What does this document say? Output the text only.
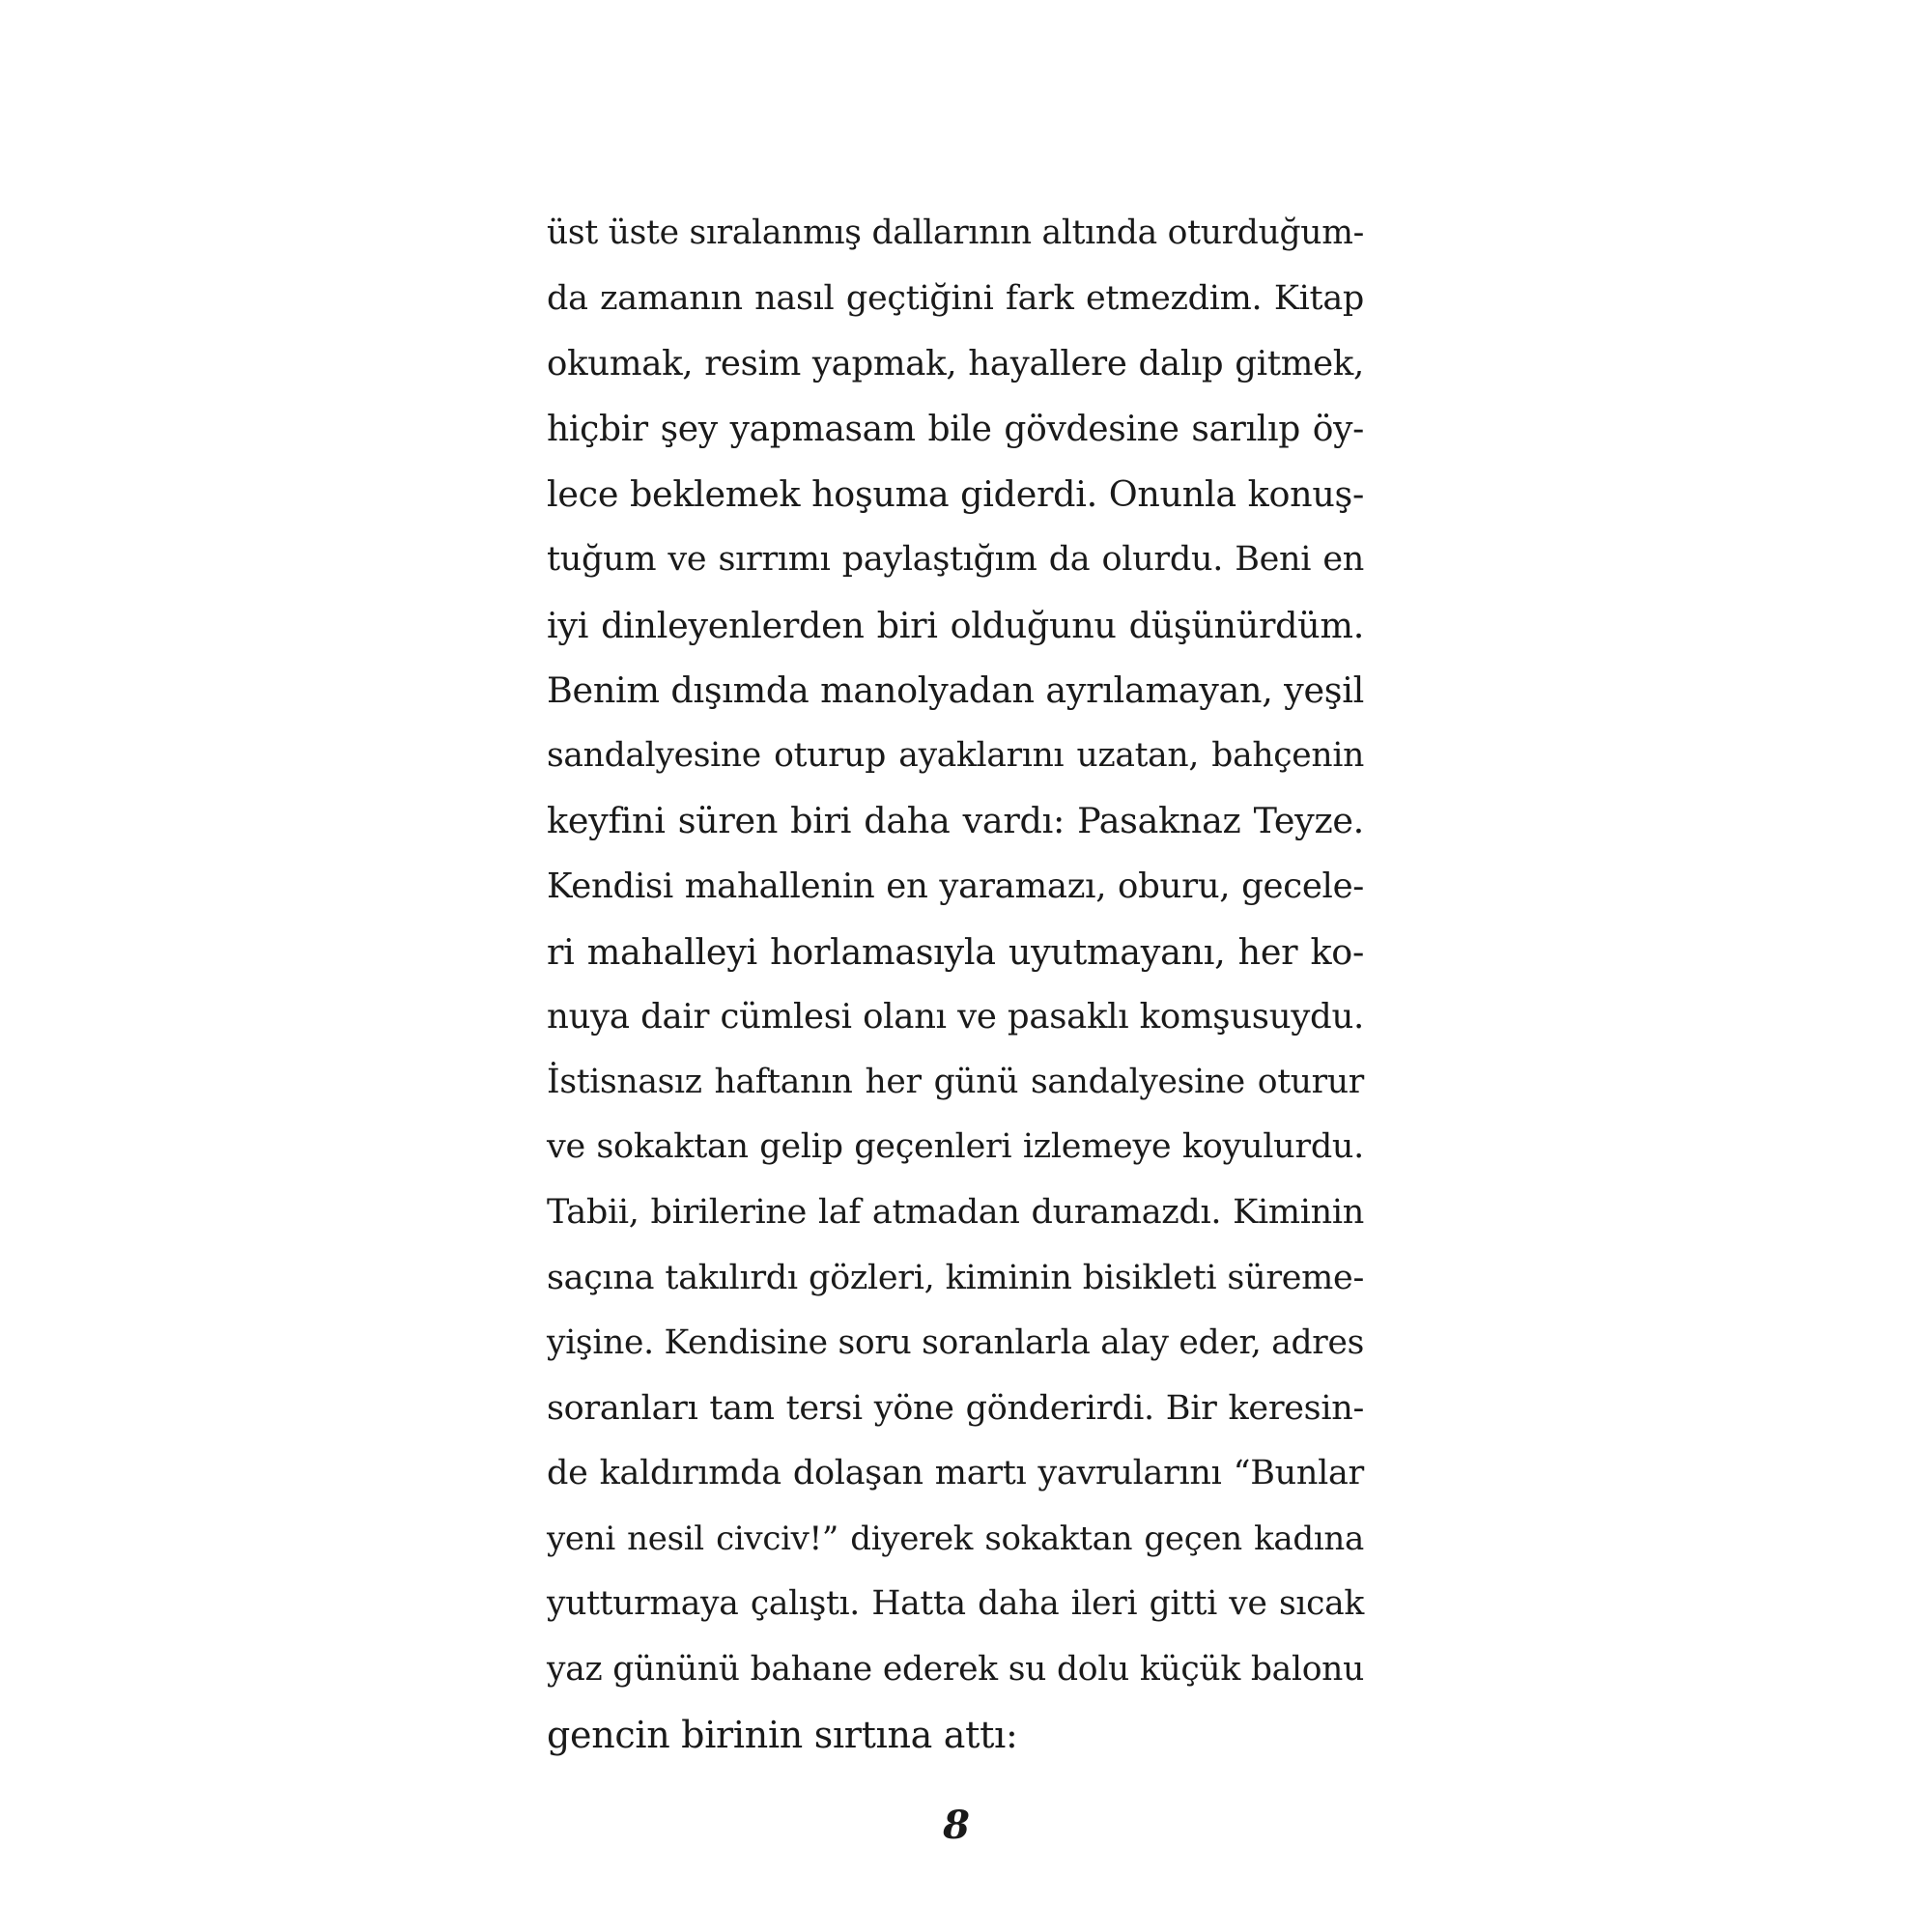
üst üste sıralanmış dallarının altında oturduğum-
da zamanın nasıl geçtiğini fark etmezdim. Kitap
okumak, resim yapmak, hayallere dalıp gitmek,
hiçbir şey yapmasam bile gövdesine sarılıp öy-
lece beklemek hoşuma giderdi. Onunla konuş-
tuğum ve sırrımı paylaştığım da olurdu. Beni en
iyi dinleyenlerden biri olduğunu düşünürdüm.
Benim dışımda manolyadan ayrılamayan, yeşil
sandalyesine oturup ayaklarını uzatan, bahçenin
keyfini süren biri daha vardı: Pasaknaz Teyze.
Kendisi mahallenin en yaramazı, oburu, gecele-
ri mahalleyi horlamasıyla uyutmayanı, her ko-
nuya dair cümlesi olanı ve pasaklı komşusuydu.
İstisnasız haftanın her günü sandalyesine oturur
ve sokaktan gelip geçenleri izlemeye koyulurdu.
Tabii, birilerine laf atmadan duramazdı. Kiminin
saçına takılırdı gözleri, kiminin bisikleti süreme-
yişine. Kendisine soru soranlarla alay eder, adres
soranları tam tersi yöne gönderirdi. Bir keresin-
de kaldırımda dolaşan martı yavrularını “Bunlar
yeni nesil civciv!” diyerek sokaktan geçen kadına
yutturmaya çalıştı. Hatta daha ileri gitti ve sıcak
yaz gününü bahane ederek su dolu küçük balonu
gencin birinin sırtına attı:
8
